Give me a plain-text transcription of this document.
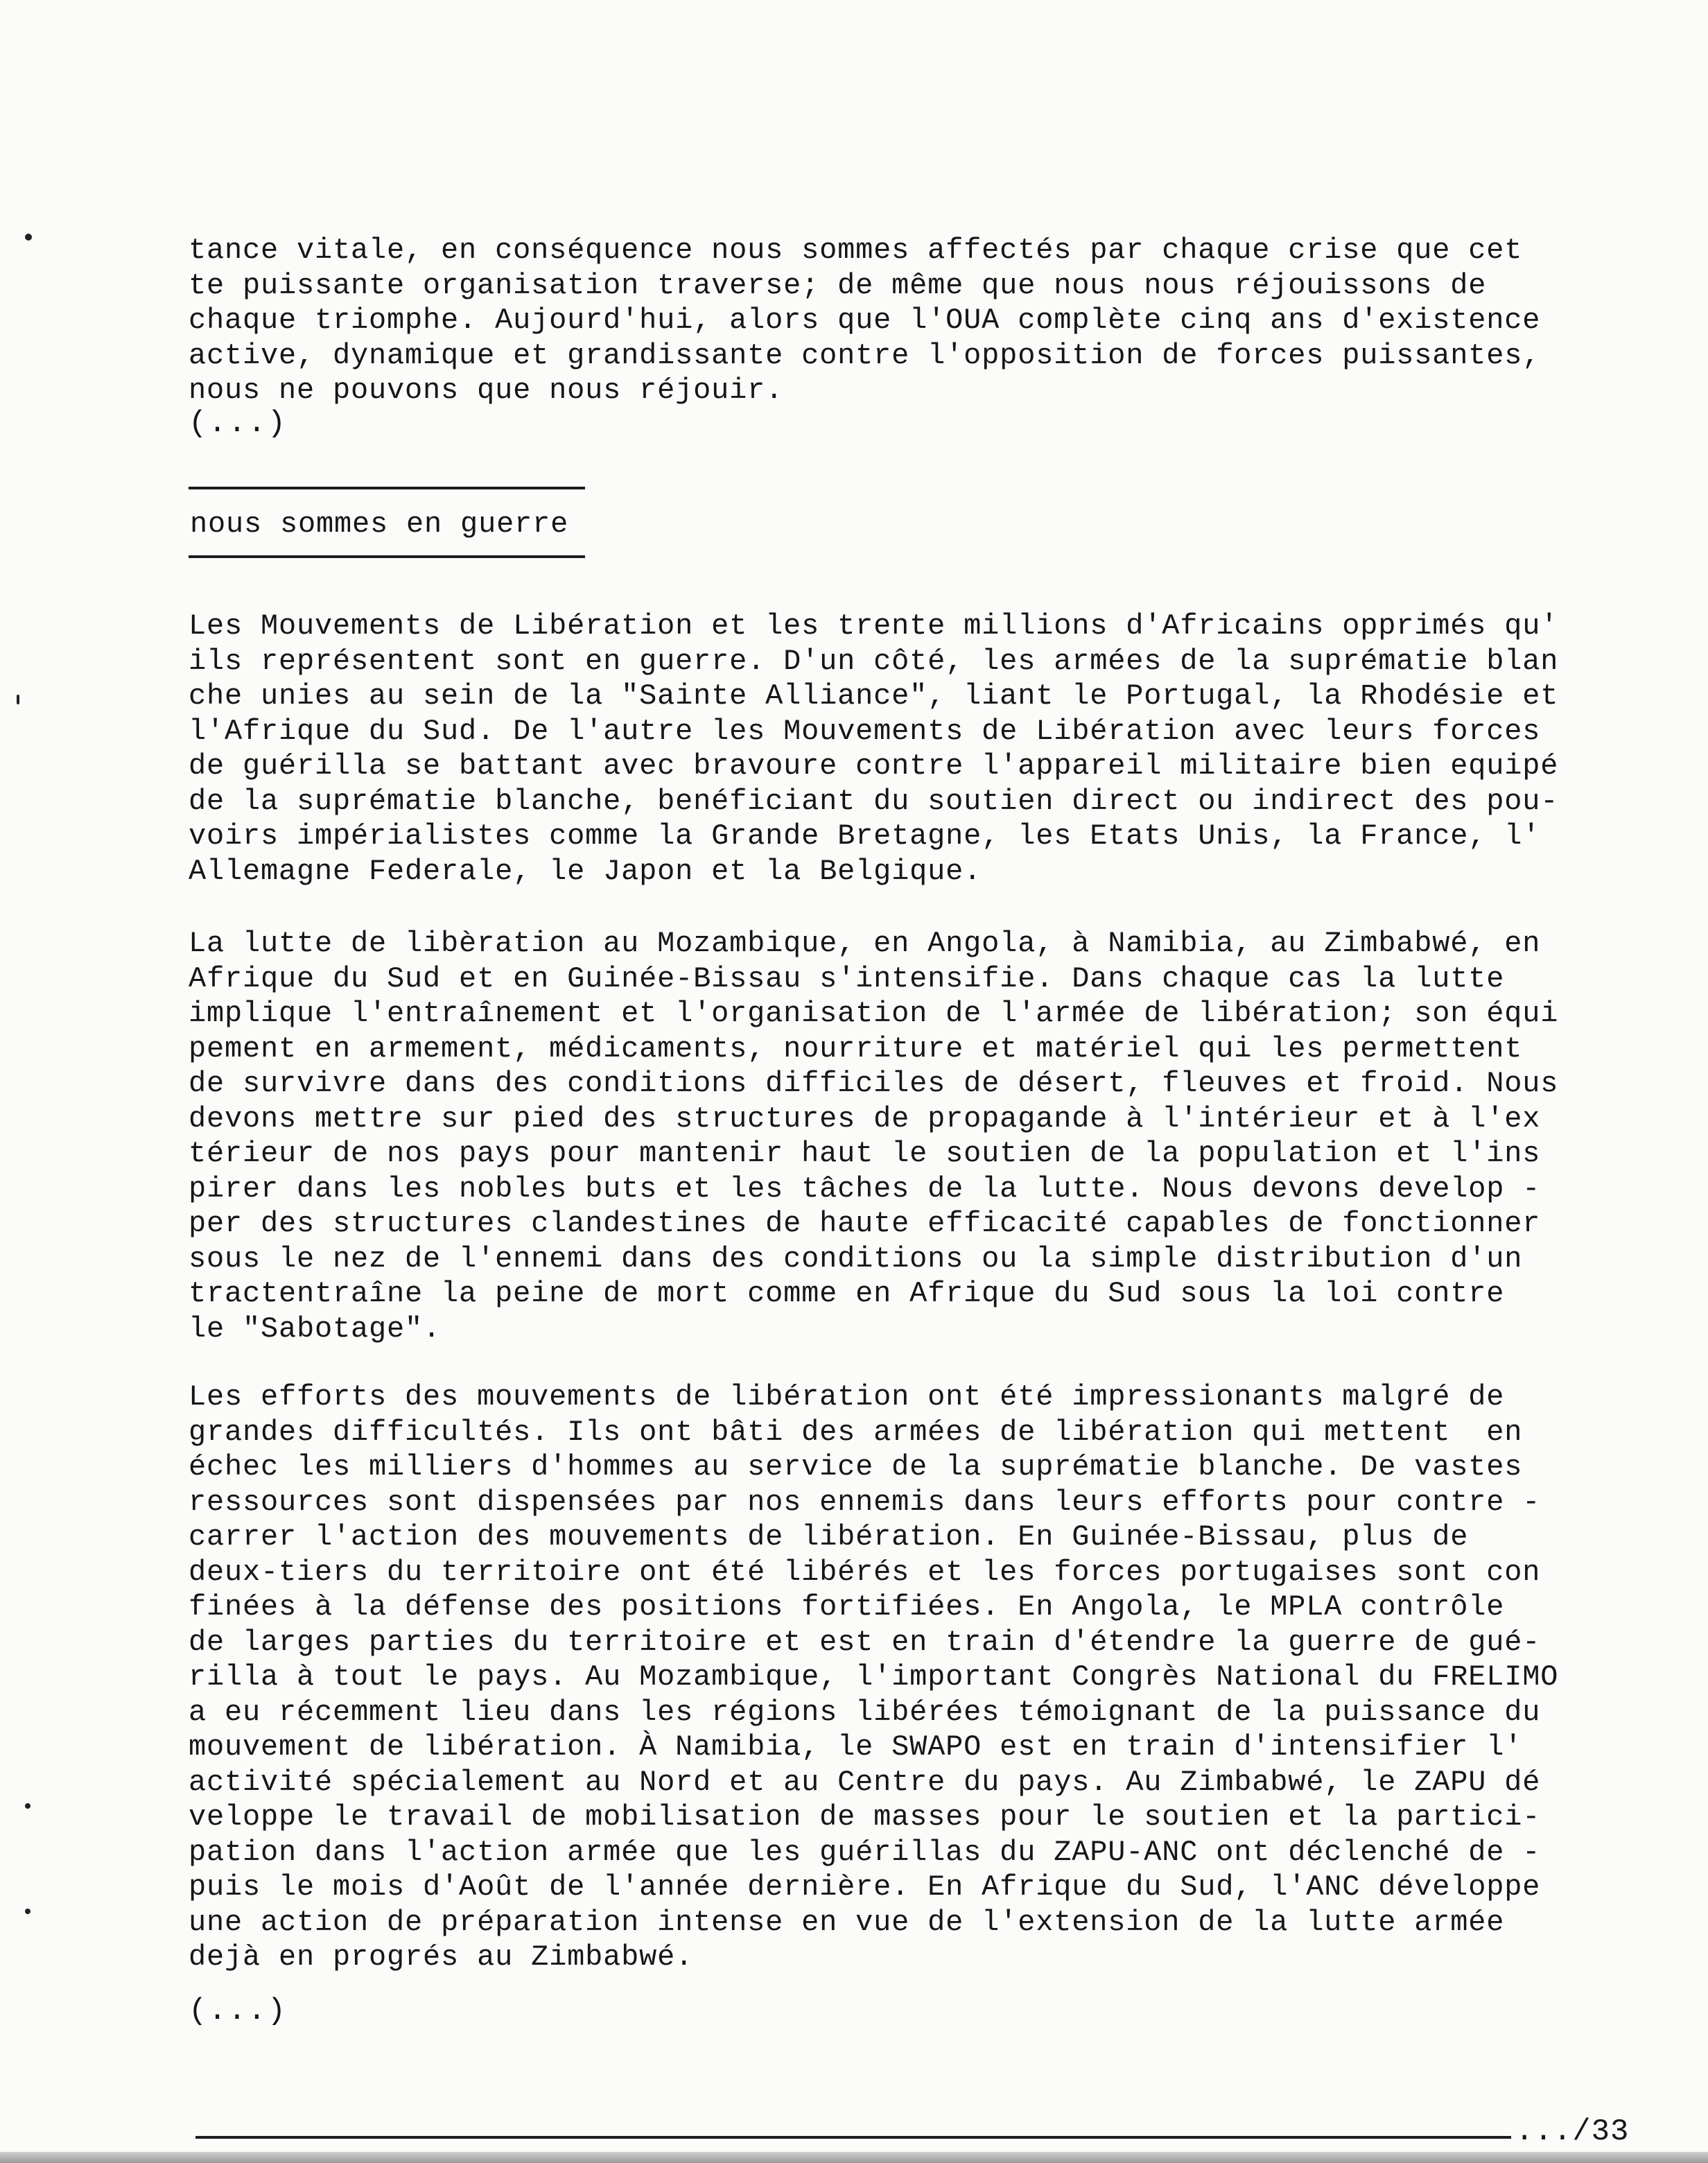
tance vitale, en conséquence nous sommes affectés par chaque crise que cet
te puissante organisation traverse; de même que nous nous réjouissons de
chaque triomphe. Aujourd'hui, alors que l'OUA complète cinq ans d'existence
active, dynamique et grandissante contre l'opposition de forces puissantes,
nous ne pouvons que nous réjouir.
(...)
nous sommes en guerre
Les Mouvements de Libération et les trente millions d'Africains opprimés qu'
ils représentent sont en guerre. D'un côté, les armées de la suprématie blan
che unies au sein de la "Sainte Alliance", liant le Portugal, la Rhodésie et
l'Afrique du Sud. De l'autre les Mouvements de Libération avec leurs forces
de guérilla se battant avec bravoure contre l'appareil militaire bien equipé
de la suprématie blanche, benéficiant du soutien direct ou indirect des pou-
voirs impérialistes comme la Grande Bretagne, les Etats Unis, la France, l'
Allemagne Federale, le Japon et la Belgique.
La lutte de libèration au Mozambique, en Angola, à Namibia, au Zimbabwé, en
Afrique du Sud et en Guinée-Bissau s'intensifie. Dans chaque cas la lutte
implique l'entraînement et l'organisation de l'armée de libération; son équi
pement en armement, médicaments, nourriture et matériel qui les permettent
de survivre dans des conditions difficiles de désert, fleuves et froid. Nous
devons mettre sur pied des structures de propagande à l'intérieur et à l'ex
térieur de nos pays pour mantenir haut le soutien de la population et l'ins
pirer dans les nobles buts et les tâches de la lutte. Nous devons develop -
per des structures clandestines de haute efficacité capables de fonctionner
sous le nez de l'ennemi dans des conditions ou la simple distribution d'un
tractentraîne la peine de mort comme en Afrique du Sud sous la loi contre
le "Sabotage".
Les efforts des mouvements de libération ont été impressionants malgré de
grandes difficultés. Ils ont bâti des armées de libération qui mettent  en
échec les milliers d'hommes au service de la suprématie blanche. De vastes
ressources sont dispensées par nos ennemis dans leurs efforts pour contre -
carrer l'action des mouvements de libération. En Guinée-Bissau, plus de
deux-tiers du territoire ont été libérés et les forces portugaises sont con
finées à la défense des positions fortifiées. En Angola, le MPLA contrôle
de larges parties du territoire et est en train d'étendre la guerre de gué-
rilla à tout le pays. Au Mozambique, l'important Congrès National du FRELIMO
a eu récemment lieu dans les régions libérées témoignant de la puissance du
mouvement de libération. À Namibia, le SWAPO est en train d'intensifier l'
activité spécialement au Nord et au Centre du pays. Au Zimbabwé, le ZAPU dé
veloppe le travail de mobilisation de masses pour le soutien et la partici-
pation dans l'action armée que les guérillas du ZAPU-ANC ont déclenché de -
puis le mois d'Août de l'année dernière. En Afrique du Sud, l'ANC développe
une action de préparation intense en vue de l'extension de la lutte armée
dejà en progrés au Zimbabwé.
(...)
.../33
